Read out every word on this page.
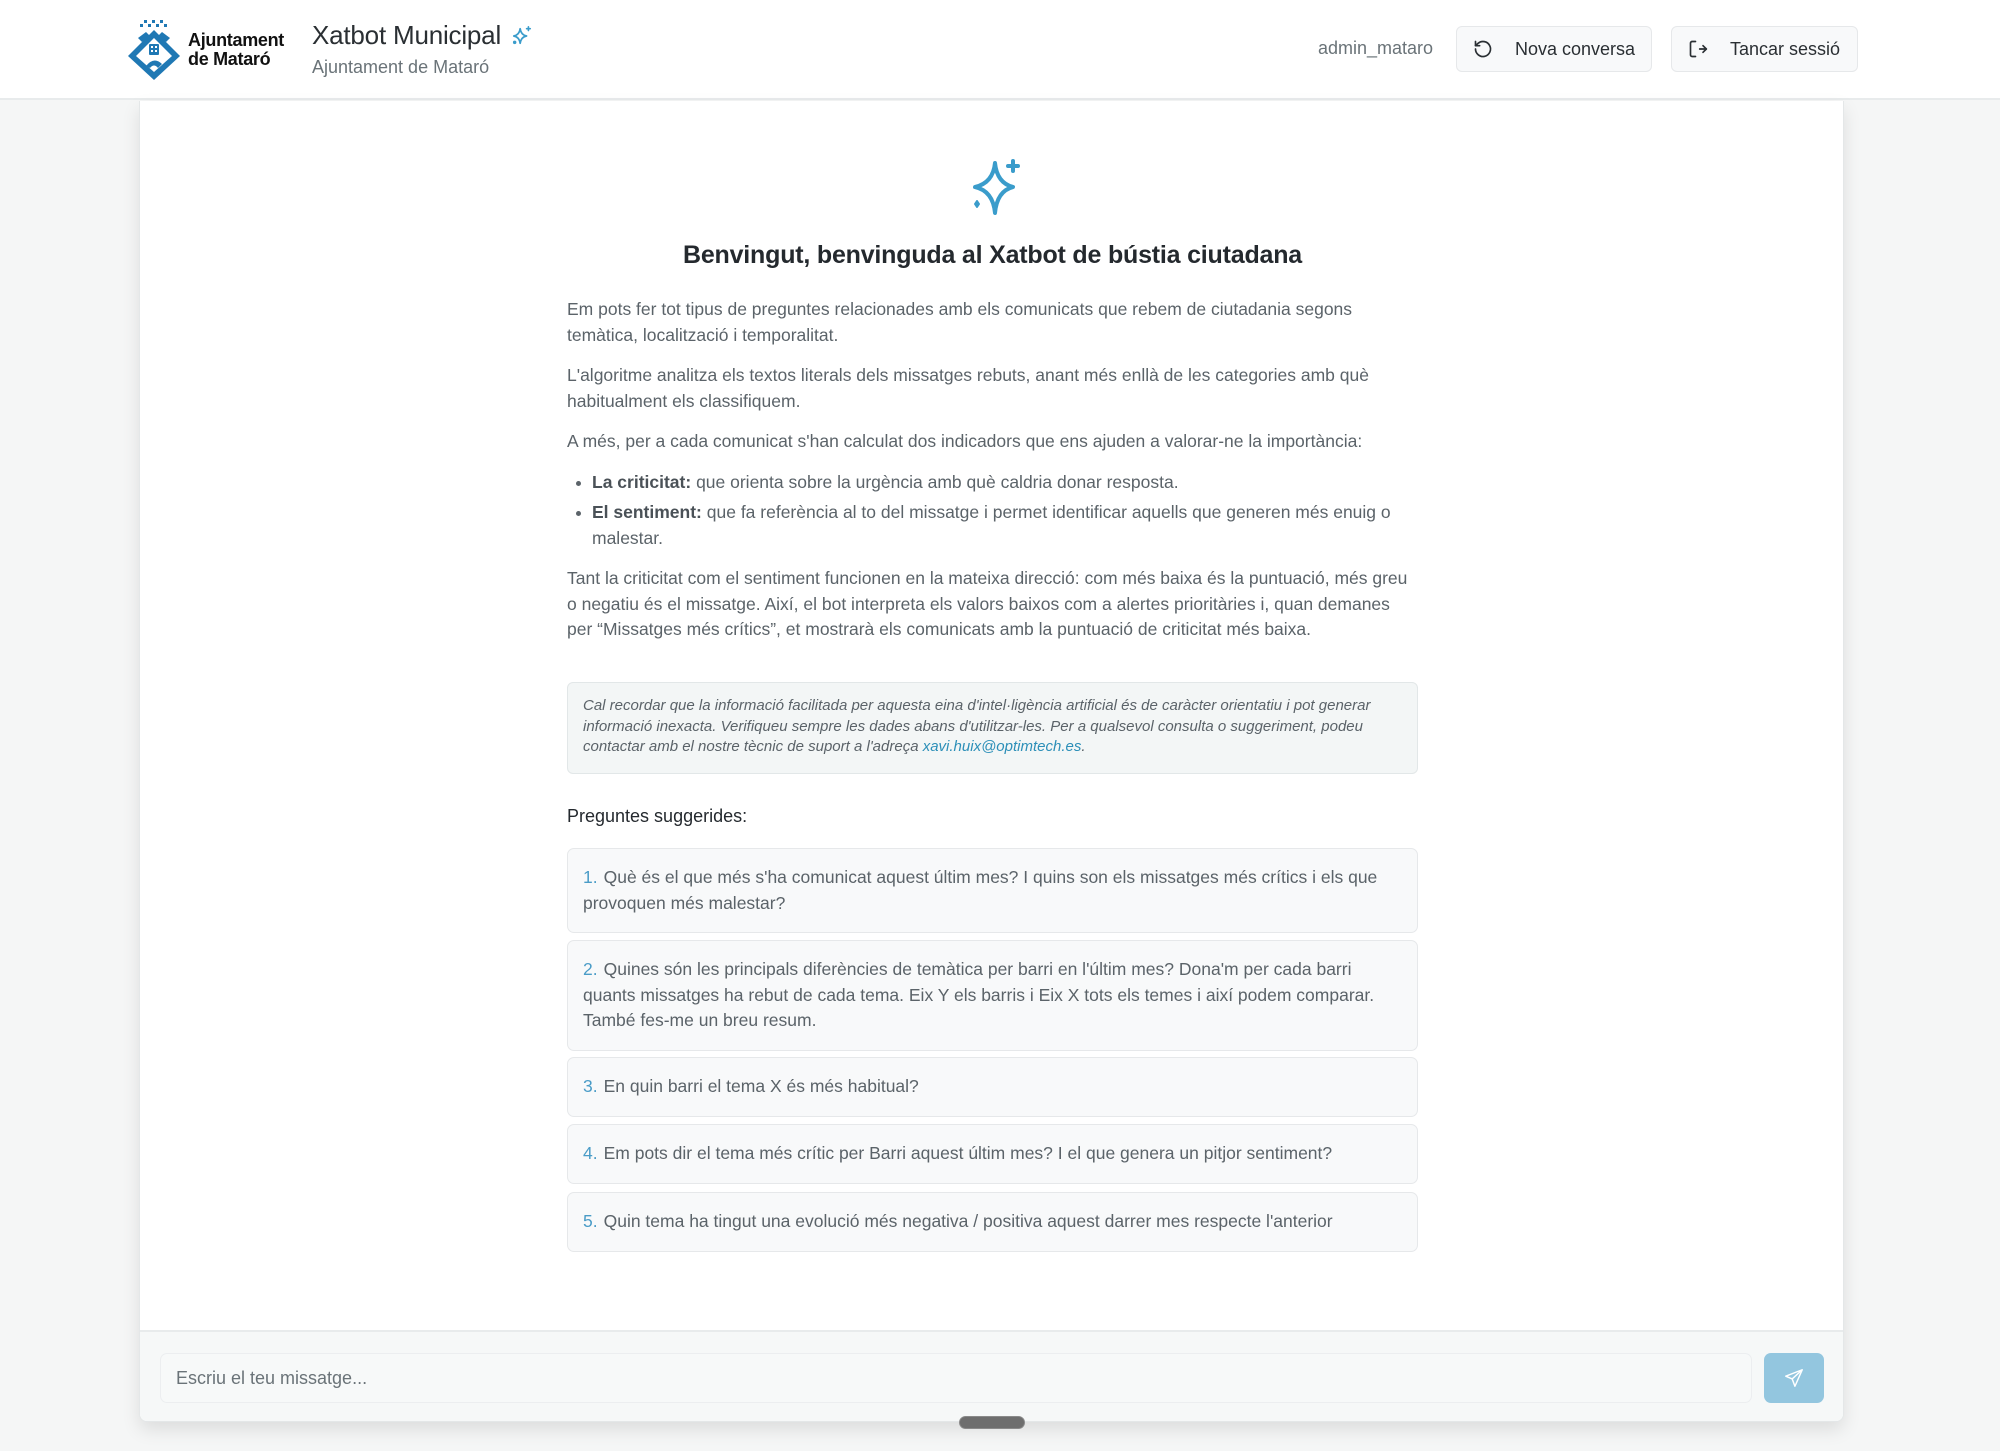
Ajuntament
de Mataró
Xatbot Municipal
Ajuntament de Mataró
admin_mataro	Nova conversa	Tancar sessió
Benvingut, benvinguda al Xatbot de bústia ciutadana

Em pots fer tot tipus de preguntes relacionades amb els comunicats que rebem de ciutadania segons temàtica, localització i temporalitat.

L'algoritme analitza els textos literals dels missatges rebuts, anant més enllà de les categories amb què habitualment els classifiquem.

A més, per a cada comunicat s'han calculat dos indicadors que ens ajuden a valorar-ne la importància:

La criticitat: que orienta sobre la urgència amb què caldria donar resposta.
El sentiment: que fa referència al to del missatge i permet identificar aquells que generen més enuig o malestar.

Tant la criticitat com el sentiment funcionen en la mateixa direcció: com més baixa és la puntuació, més greu o negatiu és el missatge. Així, el bot interpreta els valors baixos com a alertes prioritàries i, quan demanes per “Missatges més crítics”, et mostrarà els comunicats amb la puntuació de criticitat més baixa.

Cal recordar que la informació facilitada per aquesta eina d'intel·ligència artificial és de caràcter orientatiu i pot generar informació inexacta. Verifiqueu sempre les dades abans d'utilitzar-les. Per a qualsevol consulta o suggeriment, podeu contactar amb el nostre tècnic de suport a l'adreça xavi.huix@optimtech.es.
Preguntes suggerides:
1. Què és el que més s'ha comunicat aquest últim mes? I quins son els missatges més crítics i els que provoquen més malestar?
2. Quines són les principals diferències de temàtica per barri en l'últim mes? Dona'm per cada barri quants missatges ha rebut de cada tema. Eix Y els barris i Eix X tots els temes i així podem comparar. També fes-me un breu resum.
3. En quin barri el tema X és més habitual?
4. Em pots dir el tema més crític per Barri aquest últim mes? I el que genera un pitjor sentiment?
5. Quin tema ha tingut una evolució més negativa / positiva aquest darrer mes respecte l'anterior
Escriu el teu missatge...
